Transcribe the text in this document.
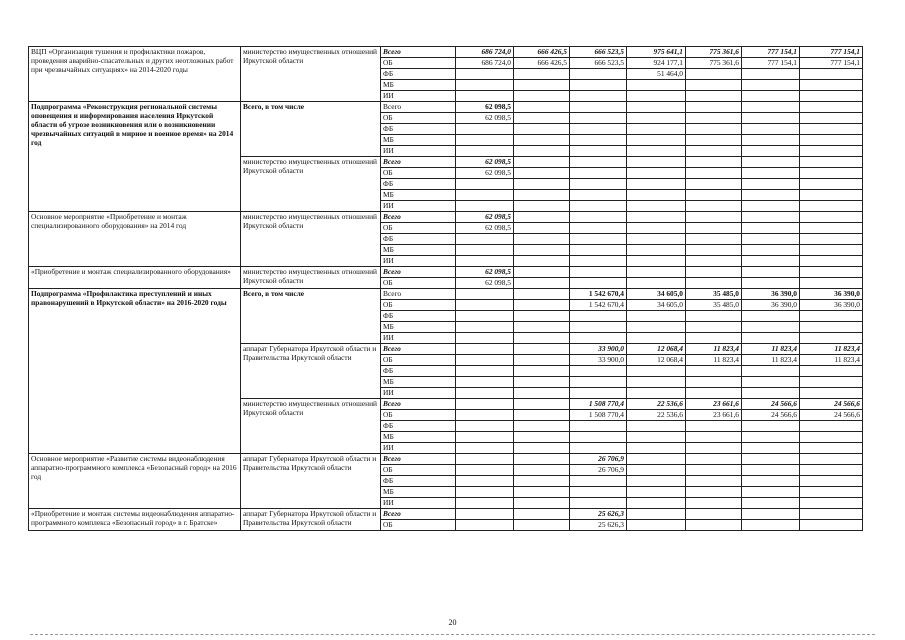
ВЦП «Организация тушения и профилактики пожаров, проведения аварийно-спасательных и других неотложных работ при чрезвычайных ситуациях» на 2014-2020 годы	министерство имущественных отношений Иркутской области	Всего	686 724,0	666 426,5	666 523,5	975 641,1	775 361,6	777 154,1	777 154,1
		ОБ	686 724,0	666 426,5	666 523,5	924 177,1	775 361,6	777 154,1	777 154,1
		ФБ				51 464,0			
		МБ							
		ИИ							
Подпрограмма «Реконструкция региональной системы оповещения и информирования населения Иркутской области об угрозе возникновения или о возникновении чрезвычайных ситуаций в мирное и военное время» на 2014 год	Всего, в том числе	Всего	62 098,5						
		ОБ	62 098,5						
		ФБ							
		МБ							
		ИИ							
	министерство имущественных отношений Иркутской области	Всего	62 098,5						
		ОБ	62 098,5						
		ФБ							
		МБ							
		ИИ							
Основное мероприятие «Приобретение и монтаж специализированного оборудования» на 2014 год	министерство имущественных отношений Иркутской области	Всего	62 098,5						
		ОБ	62 098,5						
		ФБ							
		МБ							
		ИИ							
«Приобретение и монтаж специализированного оборудования»	министерство имущественных отношений Иркутской области	Всего	62 098,5						
		ОБ	62 098,5						
Подпрограмма «Профилактика преступлений и иных правонарушений в Иркутской области» на 2016-2020 годы	Всего, в том числе	Всего			1 542 670,4	34 605,0	35 485,0	36 390,0	36 390,0
		ОБ			1 542 670,4	34 605,0	35 485,0	36 390,0	36 390,0
		ФБ							
		МБ							
		ИИ							
	аппарат Губернатора Иркутской области и Правительства Иркутской области	Всего			33 900,0	12 068,4	11 823,4	11 823,4	11 823,4
		ОБ			33 900,0	12 068,4	11 823,4	11 823,4	11 823,4
		ФБ							
		МБ							
		ИИ							
	министерство имущественных отношений Иркутской области	Всего			1 508 770,4	22 536,6	23 661,6	24 566,6	24 566,6
		ОБ			1 508 770,4	22 536,6	23 661,6	24 566,6	24 566,6
		ФБ							
		МБ							
		ИИ							
Основное мероприятие «Развитие системы видеонаблюдения аппаратно-программного комплекса «Безопасный город» на 2016 год	аппарат Губернатора Иркутской области и Правительства Иркутской области	Всего			26 706,9				
		ОБ			26 706,9				
		ФБ							
		МБ							
		ИИ							
«Приобретение и монтаж системы видеонаблюдения аппаратно-программного комплекса «Безопасный город» в г. Братске»	аппарат Губернатора Иркутской области и Правительства Иркутской области	Всего			25 626,3				
		ОБ			25 626,3				
20
